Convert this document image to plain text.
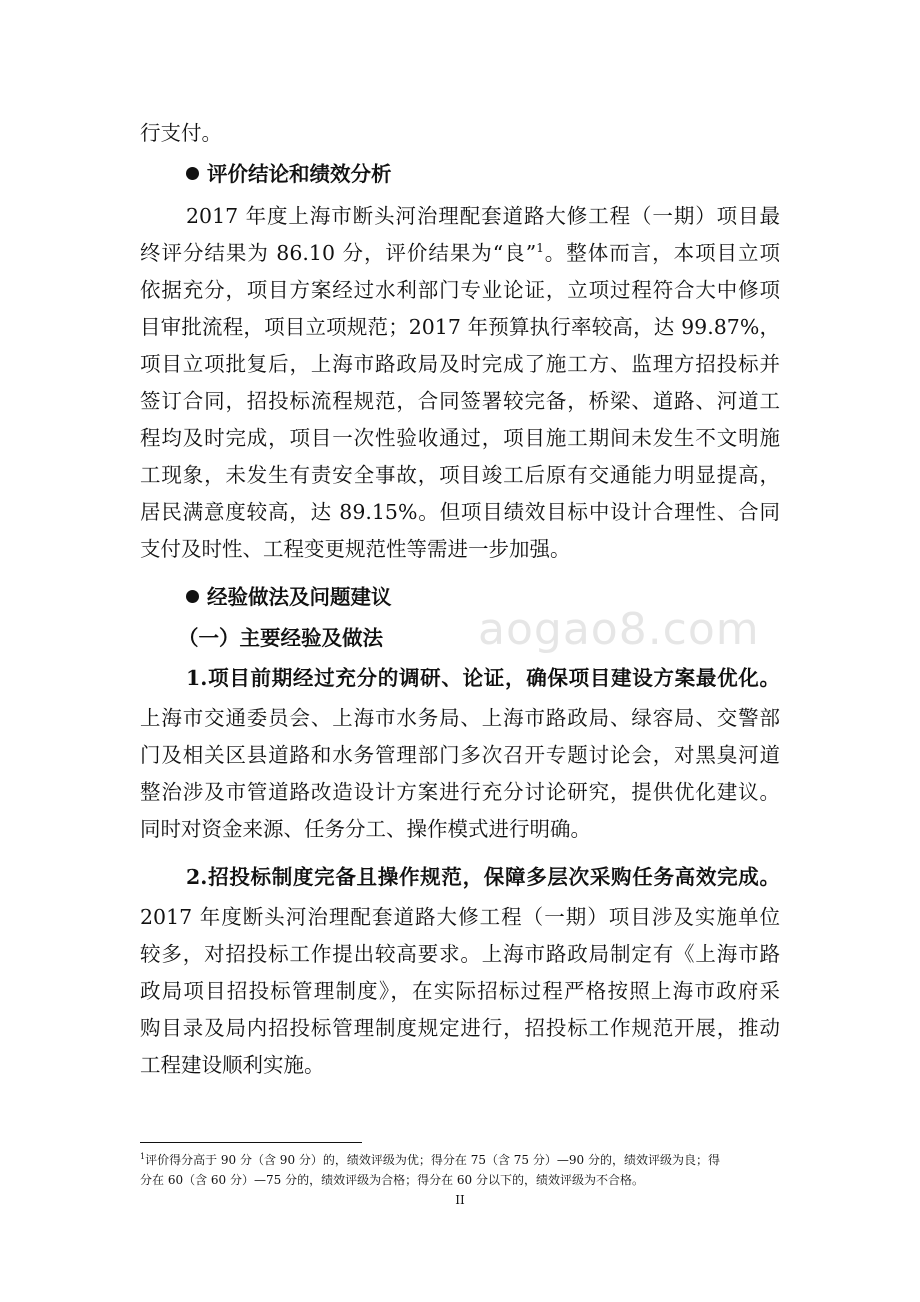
aogao8.com
行支付。
评价结论和绩效分析
2017 年度上海市断头河治理配套道路大修工程（一期）项目最
终评分结果为 86.10 分，评价结果为“良”$^1$。整体而言，本项目立项
依据充分，项目方案经过水利部门专业论证，立项过程符合大中修项
目审批流程，项目立项规范；2017 年预算执行率较高，达 99.87%，
项目立项批复后，上海市路政局及时完成了施工方、监理方招投标并
签订合同，招投标流程规范，合同签署较完备，桥梁、道路、河道工
程均及时完成，项目一次性验收通过，项目施工期间未发生不文明施
工现象，未发生有责安全事故，项目竣工后原有交通能力明显提高，
居民满意度较高，达 89.15%。但项目绩效目标中设计合理性、合同
支付及时性、工程变更规范性等需进一步加强。
经验做法及问题建议
（一）主要经验及做法
1.项目前期经过充分的调研、论证，确保项目建设方案最优化。
上海市交通委员会、上海市水务局、上海市路政局、绿容局、交警部
门及相关区县道路和水务管理部门多次召开专题讨论会，对黑臭河道
整治涉及市管道路改造设计方案进行充分讨论研究，提供优化建议。
同时对资金来源、任务分工、操作模式进行明确。
2.招投标制度完备且操作规范，保障多层次采购任务高效完成。
2017 年度断头河治理配套道路大修工程（一期）项目涉及实施单位
较多，对招投标工作提出较高要求。上海市路政局制定有《上海市路
政局项目招投标管理制度》，在实际招标过程严格按照上海市政府采
购目录及局内招投标管理制度规定进行，招投标工作规范开展，推动
工程建设顺利实施。
$^1$评价得分高于 90 分（含 90 分）的，绩效评级为优；得分在 75（含 75 分）—90 分的，绩效评级为良；得
分在 60（含 60 分）—75 分的，绩效评级为合格；得分在 60 分以下的，绩效评级为不合格。
II
